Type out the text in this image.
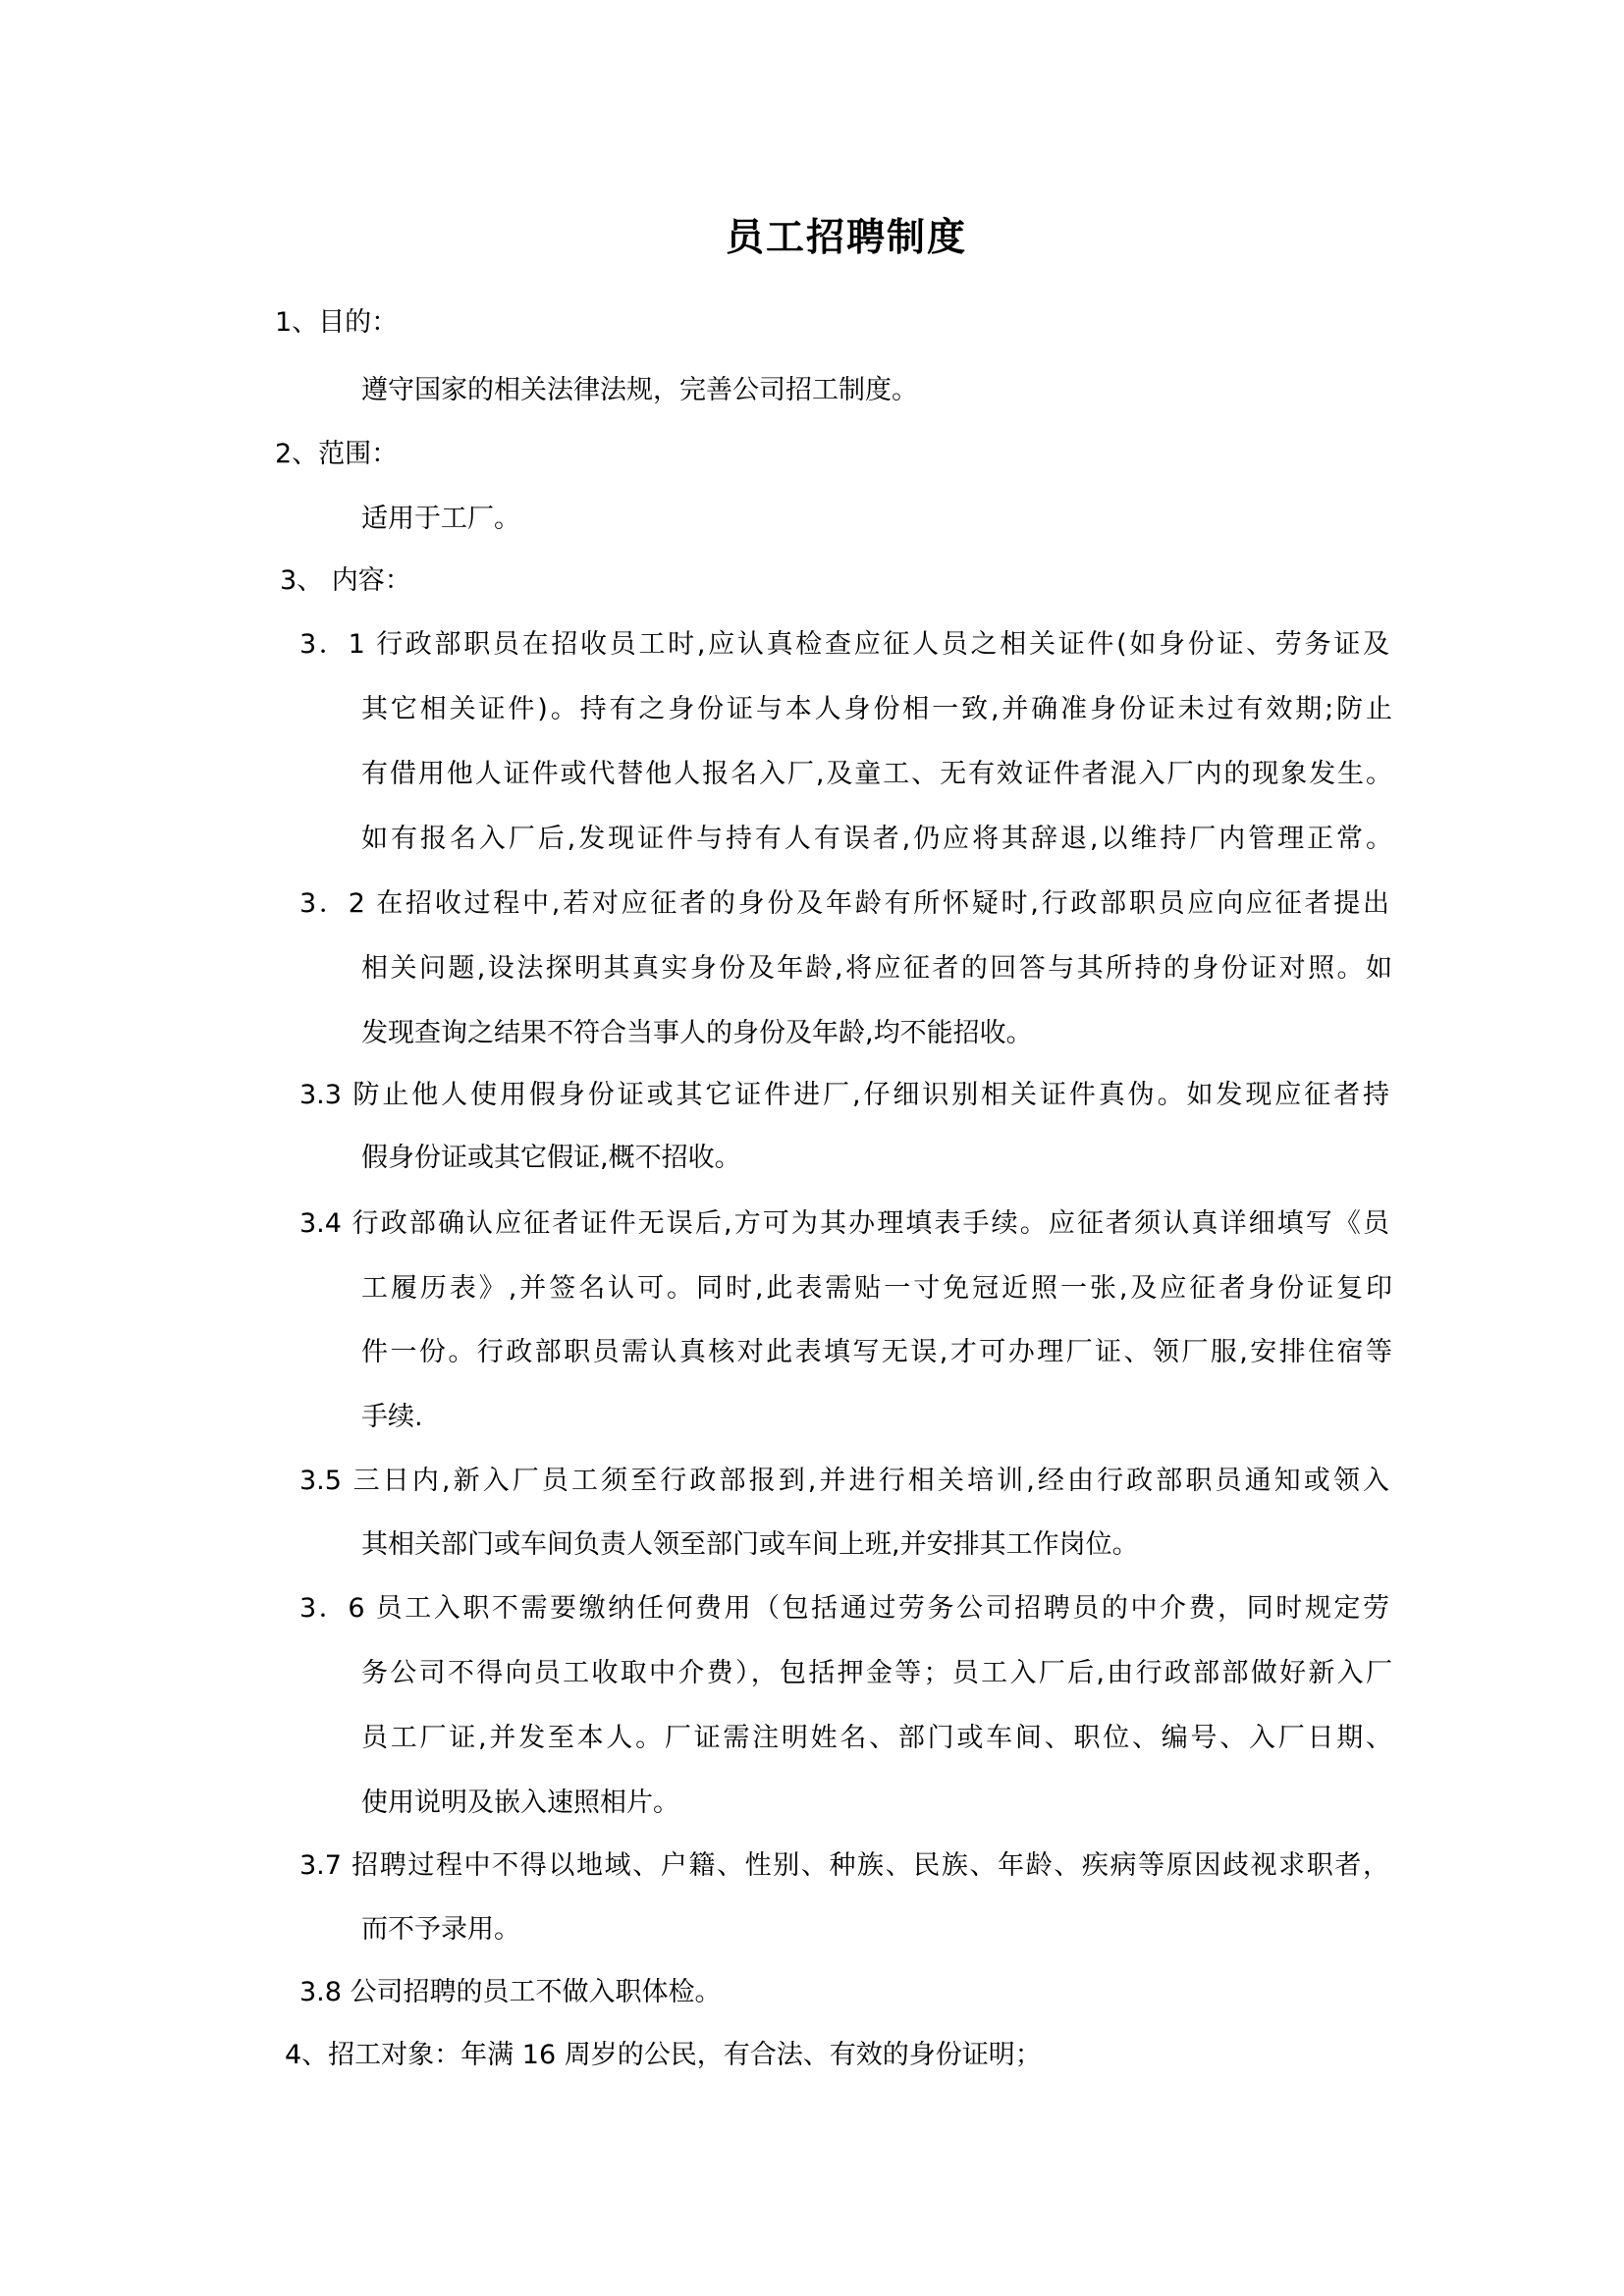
员工招聘制度
1、目的：
遵守国家的相关法律法规，完善公司招工制度。
2、范围：
适用于工厂。
3、 内容：
3．1 行政部职员在招收员工时,应认真检查应征人员之相关证件(如身份证、劳务证及
其它相关证件)。持有之身份证与本人身份相一致,并确准身份证未过有效期;防止
有借用他人证件或代替他人报名入厂,及童工、无有效证件者混入厂内的现象发生。
如有报名入厂后,发现证件与持有人有误者,仍应将其辞退,以维持厂内管理正常。
3．2 在招收过程中,若对应征者的身份及年龄有所怀疑时,行政部职员应向应征者提出
相关问题,设法探明其真实身份及年龄,将应征者的回答与其所持的身份证对照。如
发现查询之结果不符合当事人的身份及年龄,均不能招收。
3.3 防止他人使用假身份证或其它证件进厂,仔细识别相关证件真伪。如发现应征者持
假身份证或其它假证,概不招收。
3.4 行政部确认应征者证件无误后,方可为其办理填表手续。应征者须认真详细填写《员
工履历表》,并签名认可。同时,此表需贴一寸免冠近照一张,及应征者身份证复印
件一份。行政部职员需认真核对此表填写无误,才可办理厂证、领厂服,安排住宿等
手续.
3.5 三日内,新入厂员工须至行政部报到,并进行相关培训,经由行政部职员通知或领入
其相关部门或车间负责人领至部门或车间上班,并安排其工作岗位。
3．6 员工入职不需要缴纳任何费用（包括通过劳务公司招聘员的中介费，同时规定劳
务公司不得向员工收取中介费），包括押金等；员工入厂后,由行政部部做好新入厂
员工厂证,并发至本人。厂证需注明姓名、部门或车间、职位、编号、入厂日期、
使用说明及嵌入速照相片。
3.7 招聘过程中不得以地域、户籍、性别、种族、民族、年龄、疾病等原因歧视求职者，
而不予录用。
3.8 公司招聘的员工不做入职体检。
4、招工对象：年满 16 周岁的公民，有合法、有效的身份证明；
